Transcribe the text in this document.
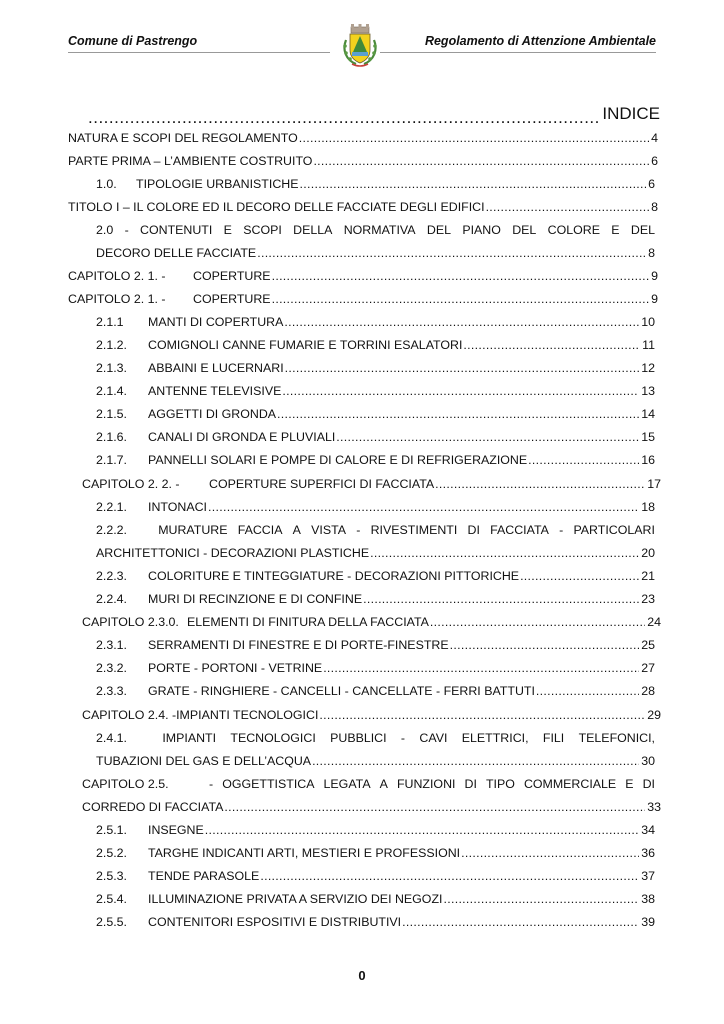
Comune di Pastrengo	Regolamento di Attenzione Ambientale
.....
INDICE
NATURA E SCOPI DEL REGOLAMENTO .....	4
PARTE PRIMA – L’AMBIENTE COSTRUITO .....	6
1.0.	TIPOLOGIE URBANISTICHE .....	6
TITOLO I – IL COLORE ED IL DECORO DELLE FACCIATE DEGLI EDIFICI .....	8
2.0 - CONTENUTI E SCOPI DELLA NORMATIVA DEL PIANO DEL COLORE E DEL
DECORO DELLE FACCIATE .....	8
CAPITOLO 2. 1. -	COPERTURE .....	9
CAPITOLO 2. 1. -	COPERTURE .....	9
2.1.1	MANTI DI COPERTURA .....	10
2.1.2.	COMIGNOLI CANNE FUMARIE E TORRINI ESALATORI .....	11
2.1.3.	ABBAINI E LUCERNARI .....	12
2.1.4.	ANTENNE TELEVISIVE .....	13
2.1.5.	AGGETTI DI GRONDA .....	14
2.1.6.	CANALI DI GRONDA E PLUVIALI .....	15
2.1.7.	PANNELLI SOLARI E POMPE DI CALORE E DI REFRIGERAZIONE .....	16
CAPITOLO 2. 2. -	COPERTURE SUPERFICI DI FACCIATA .....	17
2.2.1.	INTONACI .....	18
2.2.2.	MURATURE FACCIA A VISTA - RIVESTIMENTI DI FACCIATA - PARTICOLARI
ARCHITETTONICI - DECORAZIONI PLASTICHE .....	20
2.2.3.	COLORITURE E TINTEGGIATURE - DECORAZIONI PITTORICHE .....	21
2.2.4.	MURI DI RECINZIONE E DI CONFINE .....	23
CAPITOLO 2.3.0. ELEMENTI DI FINITURA DELLA FACCIATA .....	24
2.3.1.	SERRAMENTI DI FINESTRE E DI PORTE-FINESTRE .....	25
2.3.2.	PORTE - PORTONI - VETRINE .....	27
2.3.3.	GRATE - RINGHIERE - CANCELLI - CANCELLATE - FERRI BATTUTI .....	28
CAPITOLO 2.4. -IMPIANTI TECNOLOGICI .....	29
2.4.1.	IMPIANTI TECNOLOGICI PUBBLICI - CAVI ELETTRICI, FILI TELEFONICI,
TUBAZIONI DEL GAS E DELL’ACQUA .....	30
CAPITOLO 2.5.	- OGGETTISTICA LEGATA A FUNZIONI DI TIPO COMMERCIALE E DI
CORREDO DI FACCIATA .....	33
2.5.1.	INSEGNE .....	34
2.5.2.	TARGHE INDICANTI ARTI, MESTIERI E PROFESSIONI .....	36
2.5.3.	TENDE PARASOLE .....	37
2.5.4.	ILLUMINAZIONE PRIVATA A SERVIZIO DEI NEGOZI .....	38
2.5.5.	CONTENITORI ESPOSITIVI E DISTRIBUTIVI .....	39
0
